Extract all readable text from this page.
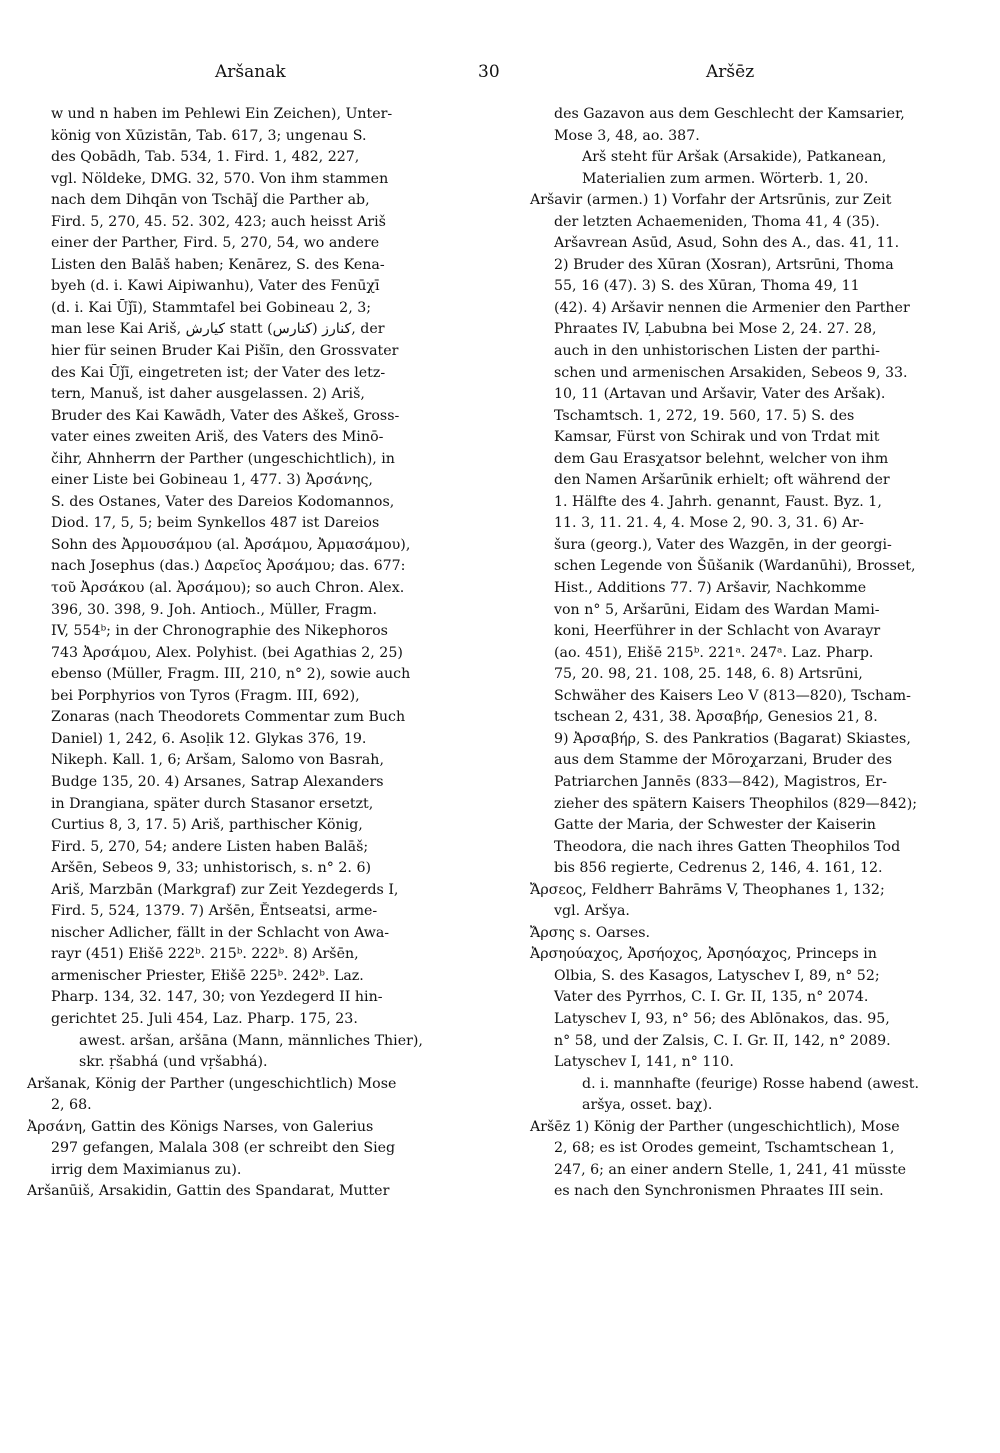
Aršanak	30	Aršēz

w und n haben im Pehlewi Ein Zeichen), Unter-
könig von Xūzistān, Tab. 617, 3; ungenau S.
des Qobādh, Tab. 534, 1. Fird. 1, 482, 227,
vgl. Nöldeke, DMG. 32, 570. Von ihm stammen
nach dem Dihqān von Tschāǰ die Parther ab,
Fird. 5, 270, 45. 52. 302, 423; auch heisst Ariš
einer der Parther, Fird. 5, 270, 54, wo andere
Listen den Balāš haben; Kenārez, S. des Kena-
byeh (d. i. Kawi Aipiwanhu), Vater des Fenūχī
(d. i. Kai Ūǰī), Stammtafel bei Gobineau 2, 3;
man lese Kai Ariš, کیارش statt کنارز (کنارس), der
hier für seinen Bruder Kai Pišīn, den Grossvater
des Kai Ūǰī, eingetreten ist; der Vater des letz-
tern, Manuš, ist daher ausgelassen. 2) Ariš,
Bruder des Kai Kawādh, Vater des Aškeš, Gross-
vater eines zweiten Ariš, des Vaters des Minō-
čihr, Ahnherrn der Parther (ungeschichtlich), in
einer Liste bei Gobineau 1, 477. 3) Ἀρσάνης,
S. des Ostanes, Vater des Dareios Kodomannos,
Diod. 17, 5, 5; beim Synkellos 487 ist Dareios
Sohn des Ἀρμουσάμου (al. Ἀρσάμου, Ἀρμασάμου),
nach Josephus (das.) Δαρεῖος Ἀρσάμου; das. 677:
τοῦ Ἀρσάκου (al. Ἀρσάμου); so auch Chron. Alex.
396, 30. 398, 9. Joh. Antioch., Müller, Fragm.
IV, 554ᵇ; in der Chronographie des Nikephoros
743 Ἀρσάμου, Alex. Polyhist. (bei Agathias 2, 25)
ebenso (Müller, Fragm. III, 210, n° 2), sowie auch
bei Porphyrios von Tyros (Fragm. III, 692),
Zonaras (nach Theodorets Commentar zum Buch
Daniel) 1, 242, 6. Asoḷik 12. Glykas 376, 19.
Nikeph. Kall. 1, 6; Aršam, Salomo von Basrah,
Budge 135, 20. 4) Arsanes, Satrap Alexanders
in Drangiana, später durch Stasanor ersetzt,
Curtius 8, 3, 17. 5) Ariš, parthischer König,
Fird. 5, 270, 54; andere Listen haben Balāš;
Aršēn, Sebeos 9, 33; unhistorisch, s. n° 2. 6)
Ariš, Marzbān (Markgraf) zur Zeit Yezdegerds I,
Fird. 5, 524, 1379. 7) Aršēn, Ĕntseatsi, arme-
nischer Adlicher, fällt in der Schlacht von Awa-
rayr (451) Ełišē 222ᵇ. 215ᵇ. 222ᵇ. 8) Aršēn,
armenischer Priester, Ełišē 225ᵇ. 242ᵇ. Laz.
Pharp. 134, 32. 147, 30; von Yezdegerd II hin-
gerichtet 25. Juli 454, Laz. Pharp. 175, 23.

awest. aršan, aršāna (Mann, männliches Thier),
skr. ṛšabhá (und vṛšabhá).

Aršanak, König der Parther (ungeschichtlich) Mose
2, 68.

Ἀρσάνη, Gattin des Königs Narses, von Galerius
297 gefangen, Malala 308 (er schreibt den Sieg
irrig dem Maximianus zu).

Aršanūiš, Arsakidin, Gattin des Spandarat, Mutter

des Gazavon aus dem Geschlecht der Kamsarier,
Mose 3, 48, ao. 387.

Arš steht für Aršak (Arsakide), Patkanean,
Materialien zum armen. Wörterb. 1, 20.

Aršavir (armen.) 1) Vorfahr der Artsrūnis, zur Zeit
der letzten Achaemeniden, Thoma 41, 4 (35).
Aršavrean Asūd, Asud, Sohn des A., das. 41, 11.
2) Bruder des Xūran (Xosran), Artsrūni, Thoma
55, 16 (47). 3) S. des Xūran, Thoma 49, 11
(42). 4) Aršavir nennen die Armenier den Parther
Phraates IV, Ḷabubna bei Mose 2, 24. 27. 28,
auch in den unhistorischen Listen der parthi-
schen und armenischen Arsakiden, Sebeos 9, 33.
10, 11 (Artavan und Aršavir, Vater des Aršak).
Tschamtsch. 1, 272, 19. 560, 17. 5) S. des
Kamsar, Fürst von Schirak und von Trdat mit
dem Gau Erasχatsor belehnt, welcher von ihm
den Namen Aršarūnik erhielt; oft während der
1. Hälfte des 4. Jahrh. genannt, Faust. Byz. 1,
11. 3, 11. 21. 4, 4. Mose 2, 90. 3, 31. 6) Ar-
šura (georg.), Vater des Wazgēn, in der georgi-
schen Legende von Šūšanik (Wardanūhi), Brosset,
Hist., Additions 77. 7) Aršavir, Nachkomme
von n° 5, Aršarūni, Eidam des Wardan Mami-
koni, Heerführer in der Schlacht von Avarayr
(ao. 451), Ełišē 215ᵇ. 221ᵃ. 247ᵃ. Laz. Pharp.
75, 20. 98, 21. 108, 25. 148, 6. 8) Artsrūni,
Schwäher des Kaisers Leo V (813—820), Tscham-
tschean 2, 431, 38. Ἀρσαβήρ, Genesios 21, 8.
9) Ἀρσαβήρ, S. des Pankratios (Bagarat) Skiastes,
aus dem Stamme der Mōroχarzani, Bruder des
Patriarchen Jannēs (833—842), Magistros, Er-
zieher des spätern Kaisers Theophilos (829—842);
Gatte der Maria, der Schwester der Kaiserin
Theodora, die nach ihres Gatten Theophilos Tod
bis 856 regierte, Cedrenus 2, 146, 4. 161, 12.

Ἄρσεος, Feldherr Bahrāms V, Theophanes 1, 132;
vgl. Aršya.

Ἄρσης s. Oarses.

Ἀρσηούαχος, Ἀρσήοχος, Ἀρσηόαχος, Princeps in
Olbia, S. des Kasagos, Latyschev I, 89, n° 52;
Vater des Pyrrhos, C. I. Gr. II, 135, n° 2074.
Latyschev I, 93, n° 56; des Ablōnakos, das. 95,
n° 58, und der Zalsis, C. I. Gr. II, 142, n° 2089.
Latyschev I, 141, n° 110.

d. i. mannhafte (feurige) Rosse habend (awest.
aršya, osset. baχ).

Aršēz 1) König der Parther (ungeschichtlich), Mose
2, 68; es ist Orodes gemeint, Tschamtschean 1,
247, 6; an einer andern Stelle, 1, 241, 41 müsste
es nach den Synchronismen Phraates III sein.
